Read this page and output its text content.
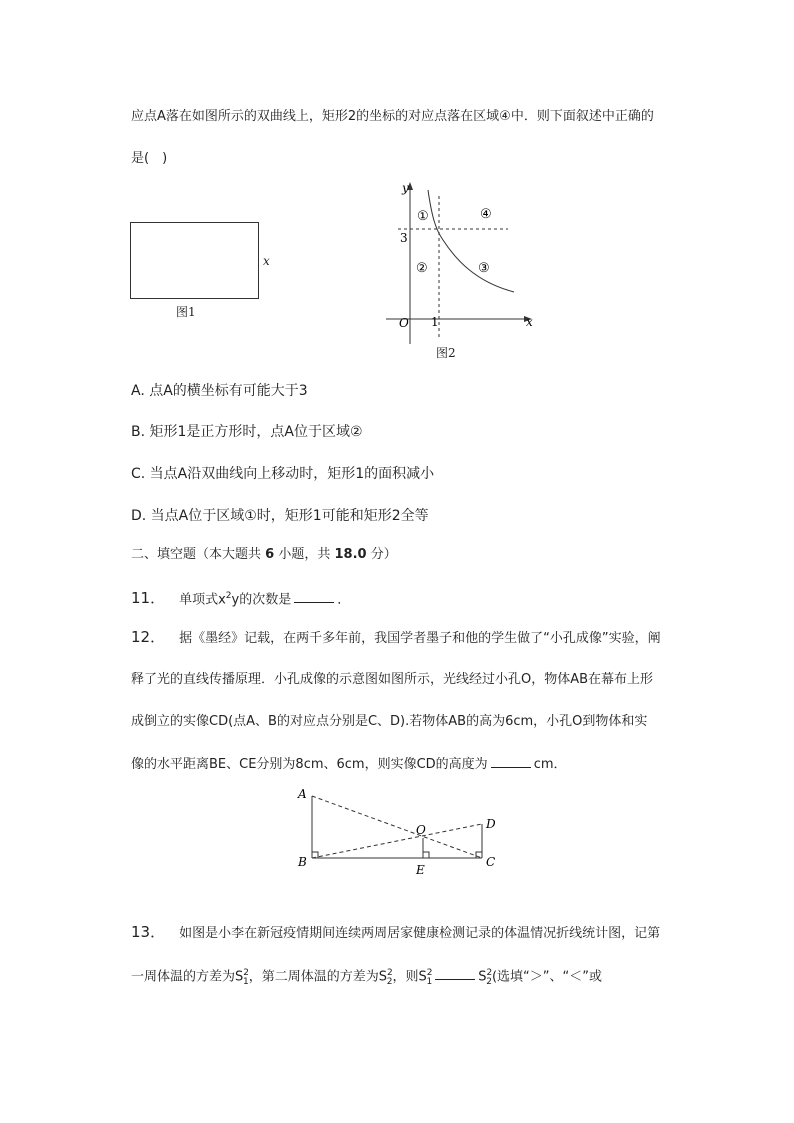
应点A落在如图所示的双曲线上，矩形2的坐标的对应点落在区域④中．则下面叙述中正确的
是(　)
x
图1
y
x
O
3
1
①
②	③
④
图2
A. 点A的横坐标有可能大于3
B. 矩形1是正方形时，点A位于区域②
C. 当点A沿双曲线向上移动时，矩形1的面积减小
D. 当点A位于区域①时，矩形1可能和矩形2全等
二、填空题（本大题共 6 小题，共 18.0 分）
11． 单项式$x^2y$的次数是	．
12． 据《墨经》记载，在两千多年前，我国学者墨子和他的学生做了“小孔成像”实验，阐
释了光的直线传播原理．小孔成像的示意图如图所示，光线经过小孔O，物体AB在幕布上形
成倒立的实像CD(点A、B的对应点分别是C、D).若物体AB的高为6cm，小孔O到物体和实
像的水平距离BE、CE分别为8cm、6cm，则实像CD的高度为	cm．
A
B	C
D
E
O
13． 如图是小李在新冠疫情期间连续两周居家健康检测记录的体温情况折线统计图，记第
一周体温的方差为$S^2_1$，第二周体温的方差为$S^2_2$，则$S^2_1$	$S^2_2$(选填“＞”、“＜”或
